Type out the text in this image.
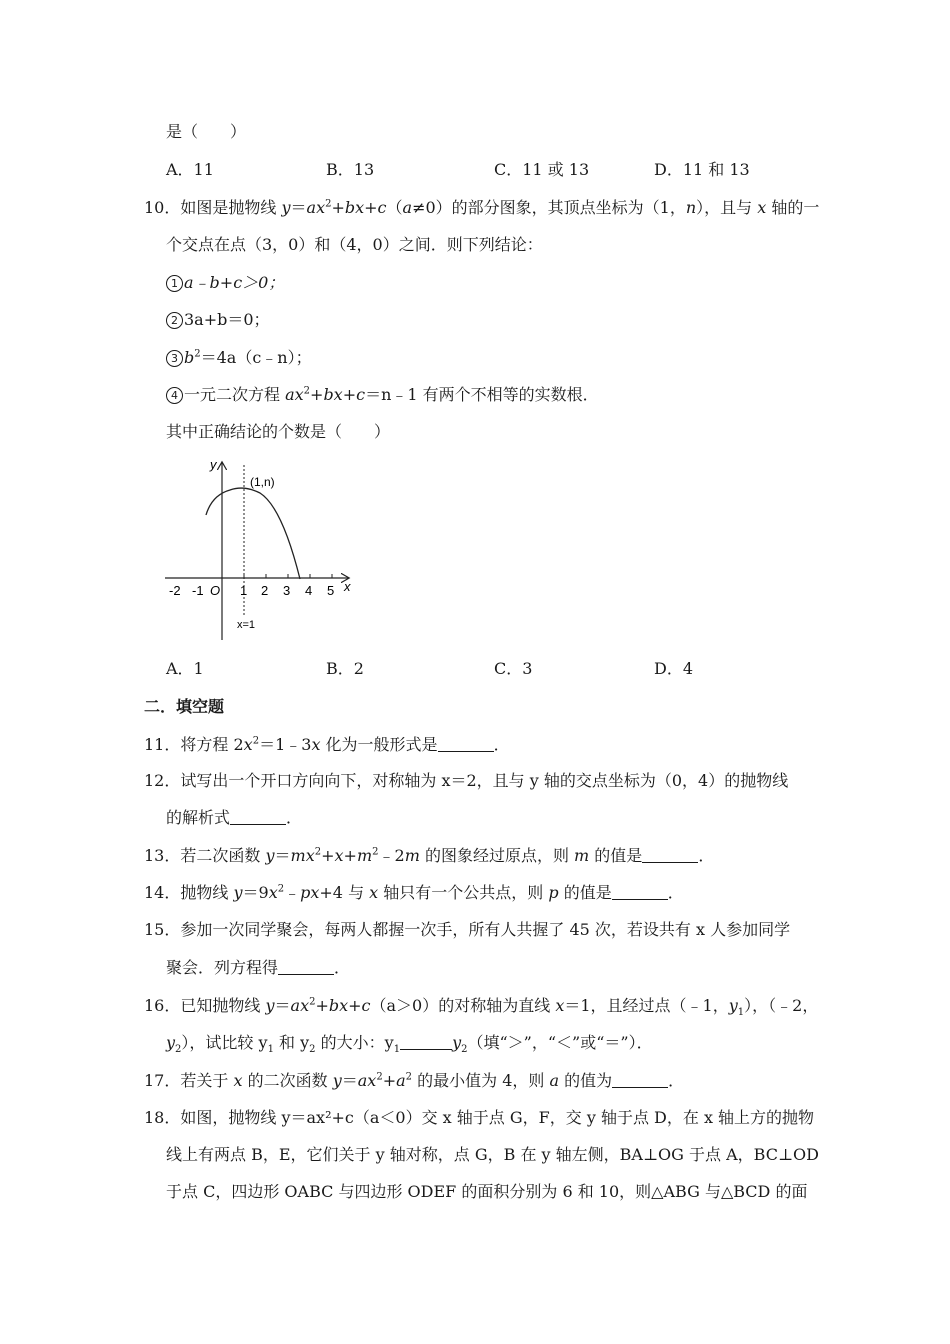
是（　　）
A．11	B．13	C．11 或 13	D．11 和 13
10．如图是抛物线 $y=ax^2+bx+c(a\ne 0)$的部分图象，其顶点坐标为（1，n），且与 x 轴的一
个交点在点（3，0）和（4，0）之间．则下列结论：
1 a﹣b+c＞0；
2 3a+b＝0；
3 $b^2=4a(c﹣n)$；
4 一元二次方程 $ax^2+bx+c=n﹣1$ 有两个不相等的实数根．
其中正确结论的个数是（　　）
y
x
-2 -1 O 1 2 3 4 5
(1,n)
x=1
A．1	B．2	C．3	D．4
二．填空题
11．将方程 $2x^2=1﹣3x$ 化为一般形式是	．
12．试写出一个开口方向向下，对称轴为 x＝2，且与 y 轴的交点坐标为（0，4）的抛物线
的解析式	．
13．若二次函数 $y=mx^2+x+m^2﹣2m$ 的图象经过原点，则 m 的值是	．
14．抛物线 $y=9x^2﹣px+4$ 与 x 轴只有一个公共点，则 p 的值是	．
15．参加一次同学聚会，每两人都握一次手，所有人共握了 45 次，若设共有 x 人参加同学
聚会．列方程得	．
16．已知抛物线 $y=ax^2+bx+c(a>0)$的对称轴为直线 x＝1，且经过点（﹣1，$y_1$），（﹣2，
$y_2$），试比较 $y_1$ 和 $y_2$ 的大小：$y_1$	$y_2$（填“＞”，“＜”或“＝”）．
17．若关于 x 的二次函数 $y=ax^2+a^2$ 的最小值为 4，则 a 的值为	．
18．如图，抛物线 y＝ax²+c（a＜0）交 x 轴于点 G，F，交 y 轴于点 D，在 x 轴上方的抛物
线上有两点 B，E，它们关于 y 轴对称，点 G，B 在 y 轴左侧，BA⊥OG 于点 A，BC⊥OD
于点 C，四边形 OABC 与四边形 ODEF 的面积分别为 6 和 10，则△ABG 与△BCD 的面
